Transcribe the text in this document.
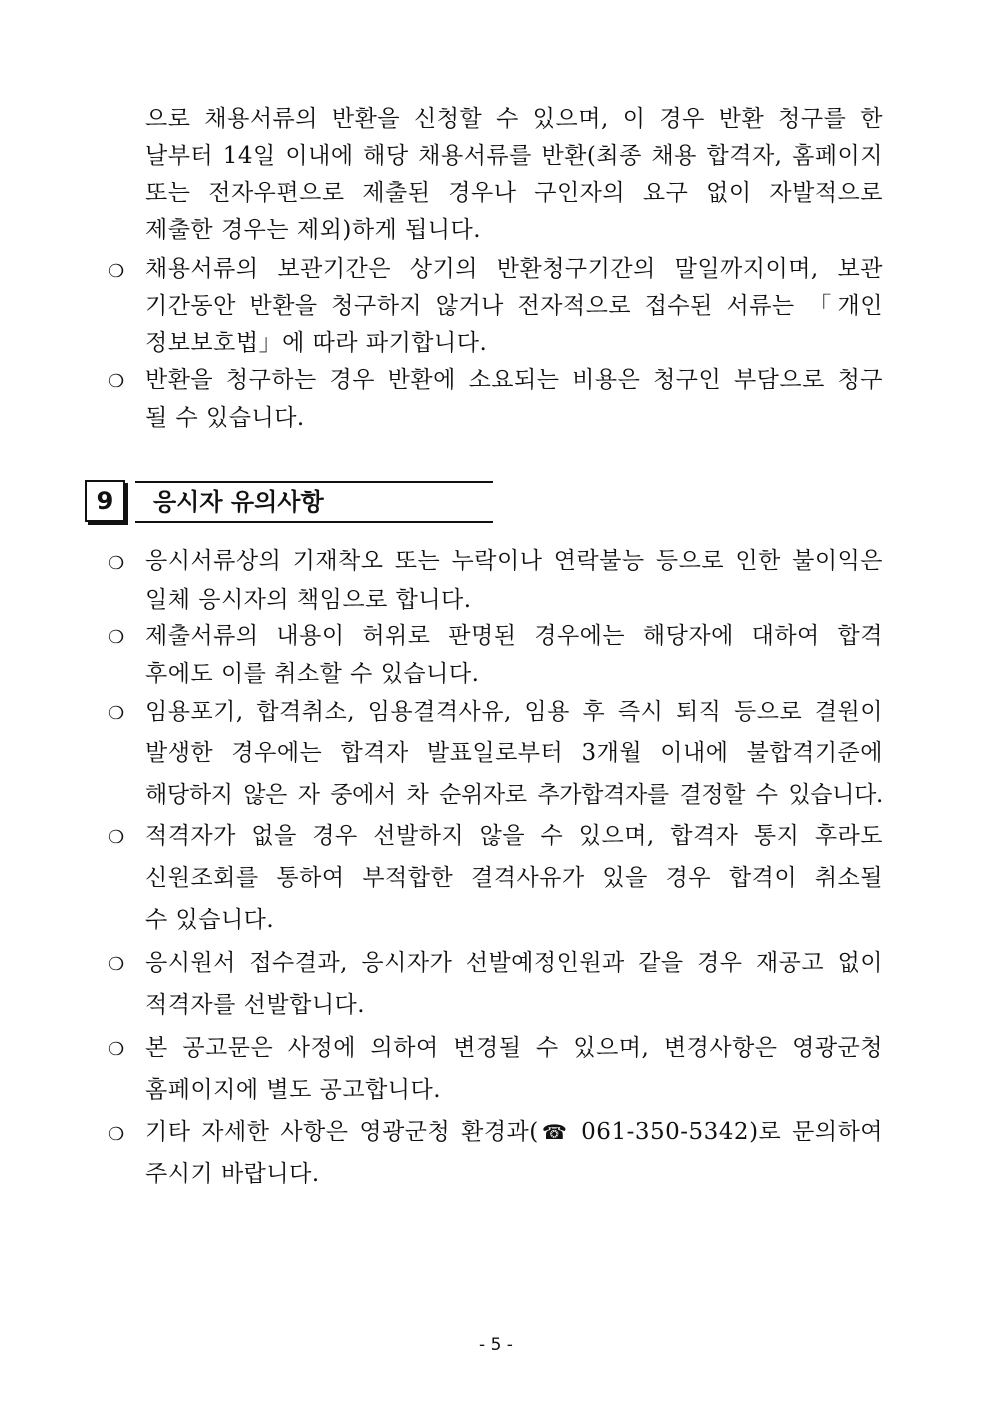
으로 채용서류의 반환을 신청할 수 있으며, 이 경우 반환 청구를 한
날부터 14일 이내에 해당 채용서류를 반환(최종 채용 합격자, 홈페이지
또는 전자우편으로 제출된 경우나 구인자의 요구 없이 자발적으로
제출한 경우는 제외)하게 됩니다.
❍ 채용서류의 보관기간은 상기의 반환청구기간의 말일까지이며, 보관
기간동안 반환을 청구하지 않거나 전자적으로 접수된 서류는 「개인
정보보호법」에 따라 파기합니다.
❍ 반환을 청구하는 경우 반환에 소요되는 비용은 청구인 부담으로 청구
될 수 있습니다.
9	응시자 유의사항
❍ 응시서류상의 기재착오 또는 누락이나 연락불능 등으로 인한 불이익은
일체 응시자의 책임으로 합니다.
❍ 제출서류의 내용이 허위로 판명된 경우에는 해당자에 대하여 합격
후에도 이를 취소할 수 있습니다.
❍ 임용포기, 합격취소, 임용결격사유, 임용 후 즉시 퇴직 등으로 결원이
발생한 경우에는 합격자 발표일로부터 3개월 이내에 불합격기준에
해당하지 않은 자 중에서 차 순위자로 추가합격자를 결정할 수 있습니다.
❍ 적격자가 없을 경우 선발하지 않을 수 있으며, 합격자 통지 후라도
신원조회를 통하여 부적합한 결격사유가 있을 경우 합격이 취소될
수 있습니다.
❍ 응시원서 접수결과, 응시자가 선발예정인원과 같을 경우 재공고 없이
적격자를 선발합니다.
❍ 본 공고문은 사정에 의하여 변경될 수 있으며, 변경사항은 영광군청
홈페이지에 별도 공고합니다.
❍ 기타 자세한 사항은 영광군청 환경과(☎ 061-350-5342)로 문의하여
주시기 바랍니다.
- 5 -
